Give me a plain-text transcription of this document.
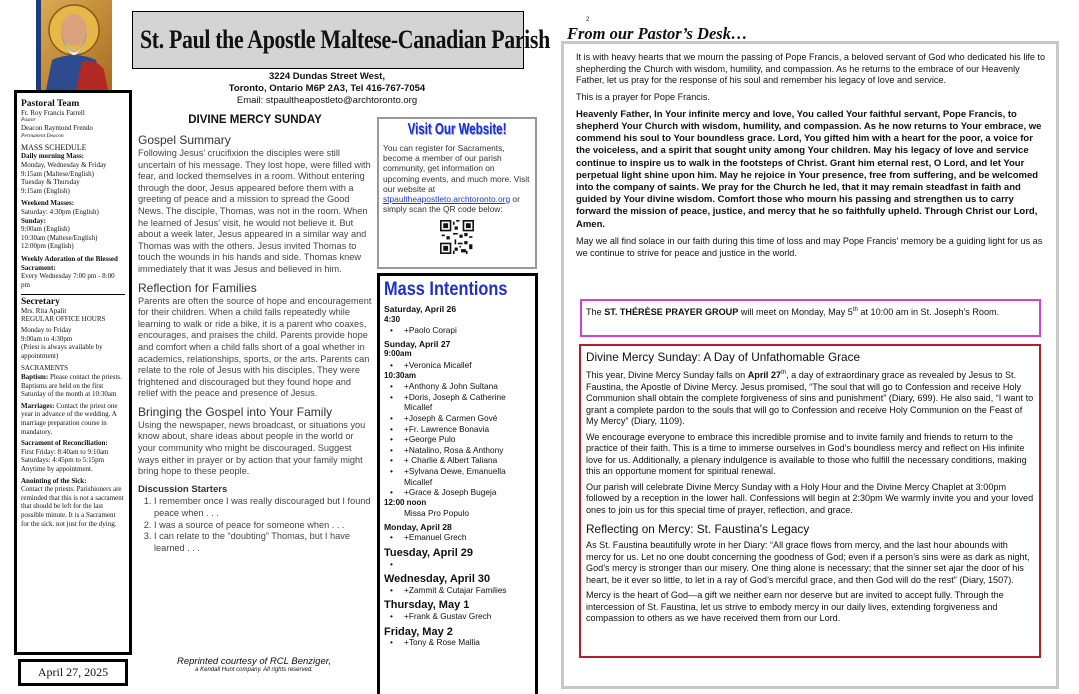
Pastoral Team
Fr. Roy Francis Farrell
Pastor
Deacon Raymond Frendo
Permanent Deacon
MASS SCHEDULE
Daily morning Mass:
Monday, Wednesday & Friday
9:15am (Maltese/English)
Tuesday & Thursday
9:15am (English)
Weekend Masses:
Saturday: 4:30pm (English)
Sunday:
9:00am (English)
10:30am (Maltese/English)
12:00pm (English)
Weekly Adoration of the Blessed Sacrament:
Every Wednesday 7:00 pm - 8:00 pm
Secretary
Mrs. Rita Apalit
REGULAR OFFICE HOURS
Monday to Friday
9:00am to 4:30pm
(Priest is always available by appointment)
SACRAMENTS
Baptism: Please contact the priests. Baptisms are held on the first Saturday of the month at 10:30am
Marriages: Contact the priest one year in advance of the wedding. A marriage preparation course in mandatory.
Sacrament of Reconciliation:
First Friday: 8:40am to 9:10am Saturdays: 4:45pm to 5:15pm Anytime by appointment.
Anointing of the Sick:
Contact the priests. Parishioners are reminded that this is not a sacrament that should be left for the last possible minute. It is a Sacrament for the sick. not just for the dying.
April 27, 2025
St. Paul the Apostle Maltese-Canadian Parish
3224 Dundas Street West,
Toronto, Ontario M6P 2A3, Tel 416-767-7054
Email: stpaultheapostleto@archtoronto.org
DIVINE MERCY SUNDAY
Gospel Summary

Following Jesus' crucifixion the disciples were still uncertain of his message. They lost hope, were filled with fear, and locked themselves in a room. Without entering through the door, Jesus appeared before them with a greeting of peace and a mission to spread the Good News. The disciple, Thomas, was not in the room. When he learned of Jesus' visit, he would not believe it. But about a week later, Jesus appeared in a similar way and Thomas was with the others. Jesus invited Thomas to touch the wounds in his hands and side. Thomas knew immediately that it was Jesus and believed in him.

Reflection for Families

Parents are often the source of hope and encouragement for their children. When a child falls repeatedly while learning to walk or ride a bike, it is a parent who coaxes, encourages, and praises the child. Parents provide hope and comfort when a child falls short of a goal whether in academics, relationships, sports, or the arts. Parents can relate to the role of Jesus with his disciples. They were frightened and discouraged but they found hope and relief with the peace and presence of Jesus.

Bringing the Gospel into Your Family

Using the newspaper, news broadcast, or situations you know about, share ideas about people in the world or your community who might be discouraged. Suggest ways either in prayer or by action that your family might bring hope to these people.

Discussion Starters
1. I remember once I was really discouraged but I found peace when . . .
2. I was a source of peace for someone when . . .
3. I can relate to the “doubting” Thomas, but I have learned . . .
Reprinted courtesy of RCL Benziger,
a Kendall Hunt company. All rights reserved.
Visit Our Website!
You can register for Sacraments, become a member of our parish community, get information on upcoming events, and much more. Visit our website at stpaultheapostleto.archtoronto.org or simply scan the QR code below:
Mass Intentions
Saturday, April 26
4:30
• +Paolo Corapi
Sunday, April 27
9:00am
• +Veronica Micallef
10:30am
• +Anthony & John Sultana
• +Doris, Joseph & Catherine Micallef
• +Joseph & Carmen Gové
• +Fr. Lawrence Bonavia
• +George Pulo
• +Natalino, Rosa & Anthony
• + Charlie & Albert Taliana
• +Sylvana Dewe, Emanuella Micallef
• +Grace & Joseph Bugeja
12:00 noon
Missa Pro Populo
Monday, April 28
• +Emanuel Grech
Tuesday, April 29
•
Wednesday, April 30
• +Zammit & Cutajar Families
Thursday, May 1
• +Frank & Gustav Grech
Friday, May 2
• +Tony & Rose Mallia
2
From our Pastor’s Desk…

It is with heavy hearts that we mourn the passing of Pope Francis, a beloved servant of God who dedicated his life to shepherding the Church with wisdom, humility, and compassion. As he returns to the embrace of our Heavenly Father, let us pray for the response of his soul and remember his legacy of love and service.

This is a prayer for Pope Francis.

Heavenly Father, In Your infinite mercy and love, You called Your faithful servant, Pope Francis, to shepherd Your Church with wisdom, humility, and compassion. As he now returns to Your embrace, we commend his soul to Your boundless grace. Lord, You gifted him with a heart for the poor, a voice for the voiceless, and a spirit that sought unity among Your children. May his legacy of love and service continue to inspire us to walk in the footsteps of Christ. Grant him eternal rest, O Lord, and let Your perpetual light shine upon him. May he rejoice in Your presence, free from suffering, and be welcomed into the company of saints. We pray for the Church he led, that it may remain steadfast in faith and guided by Your divine wisdom. Comfort those who mourn his passing and strengthen us to carry forward the mission of peace, justice, and mercy that he so faithfully upheld. Through Christ our Lord, Amen.

May we all find solace in our faith during this time of loss and may Pope Francis' memory be a guiding light for us as we continue to strive for peace and justice in the world.

The ST. THÉRÈSE PRAYER GROUP will meet on Monday, May 5th at 10:00 am in St. Joseph's Room.
Divine Mercy Sunday: A Day of Unfathomable Grace

This year, Divine Mercy Sunday falls on April 27th, a day of extraordinary grace as revealed by Jesus to St. Faustina, the Apostle of Divine Mercy. Jesus promised, “The soul that will go to Confession and receive Holy Communion shall obtain the complete forgiveness of sins and punishment” (Diary, 699). He also said, “I want to grant a complete pardon to the souls that will go to Confession and receive Holy Communion on the Feast of My Mercy” (Diary, 1109).

We encourage everyone to embrace this incredible promise and to invite family and friends to return to the practice of their faith. This is a time to immerse ourselves in God’s boundless mercy and reflect on His infinite love for us. Additionally, a plenary indulgence is available to those who fulfill the necessary conditions, making this an opportune moment for spiritual renewal.

Our parish will celebrate Divine Mercy Sunday with a Holy Hour and the Divine Mercy Chaplet at 3:00pm followed by a reception in the lower hall. Confessions will begin at 2:30pm We warmly invite you and your loved ones to join us for this special time of prayer, reflection, and grace.

Reflecting on Mercy: St. Faustina's Legacy

As St. Faustina beautifully wrote in her Diary: “All grace flows from mercy, and the last hour abounds with mercy for us. Let no one doubt concerning the goodness of God; even if a person’s sins were as dark as night, God’s mercy is stronger than our misery. One thing alone is necessary; that the sinner set ajar the door of his heart, be it ever so little, to let in a ray of God’s merciful grace, and then God will do the rest” (Diary, 1507).

Mercy is the heart of God—a gift we neither earn nor deserve but are invited to accept fully. Through the intercession of St. Faustina, let us strive to embody mercy in our daily lives, extending forgiveness and compassion to others as we have received them from our Lord.
